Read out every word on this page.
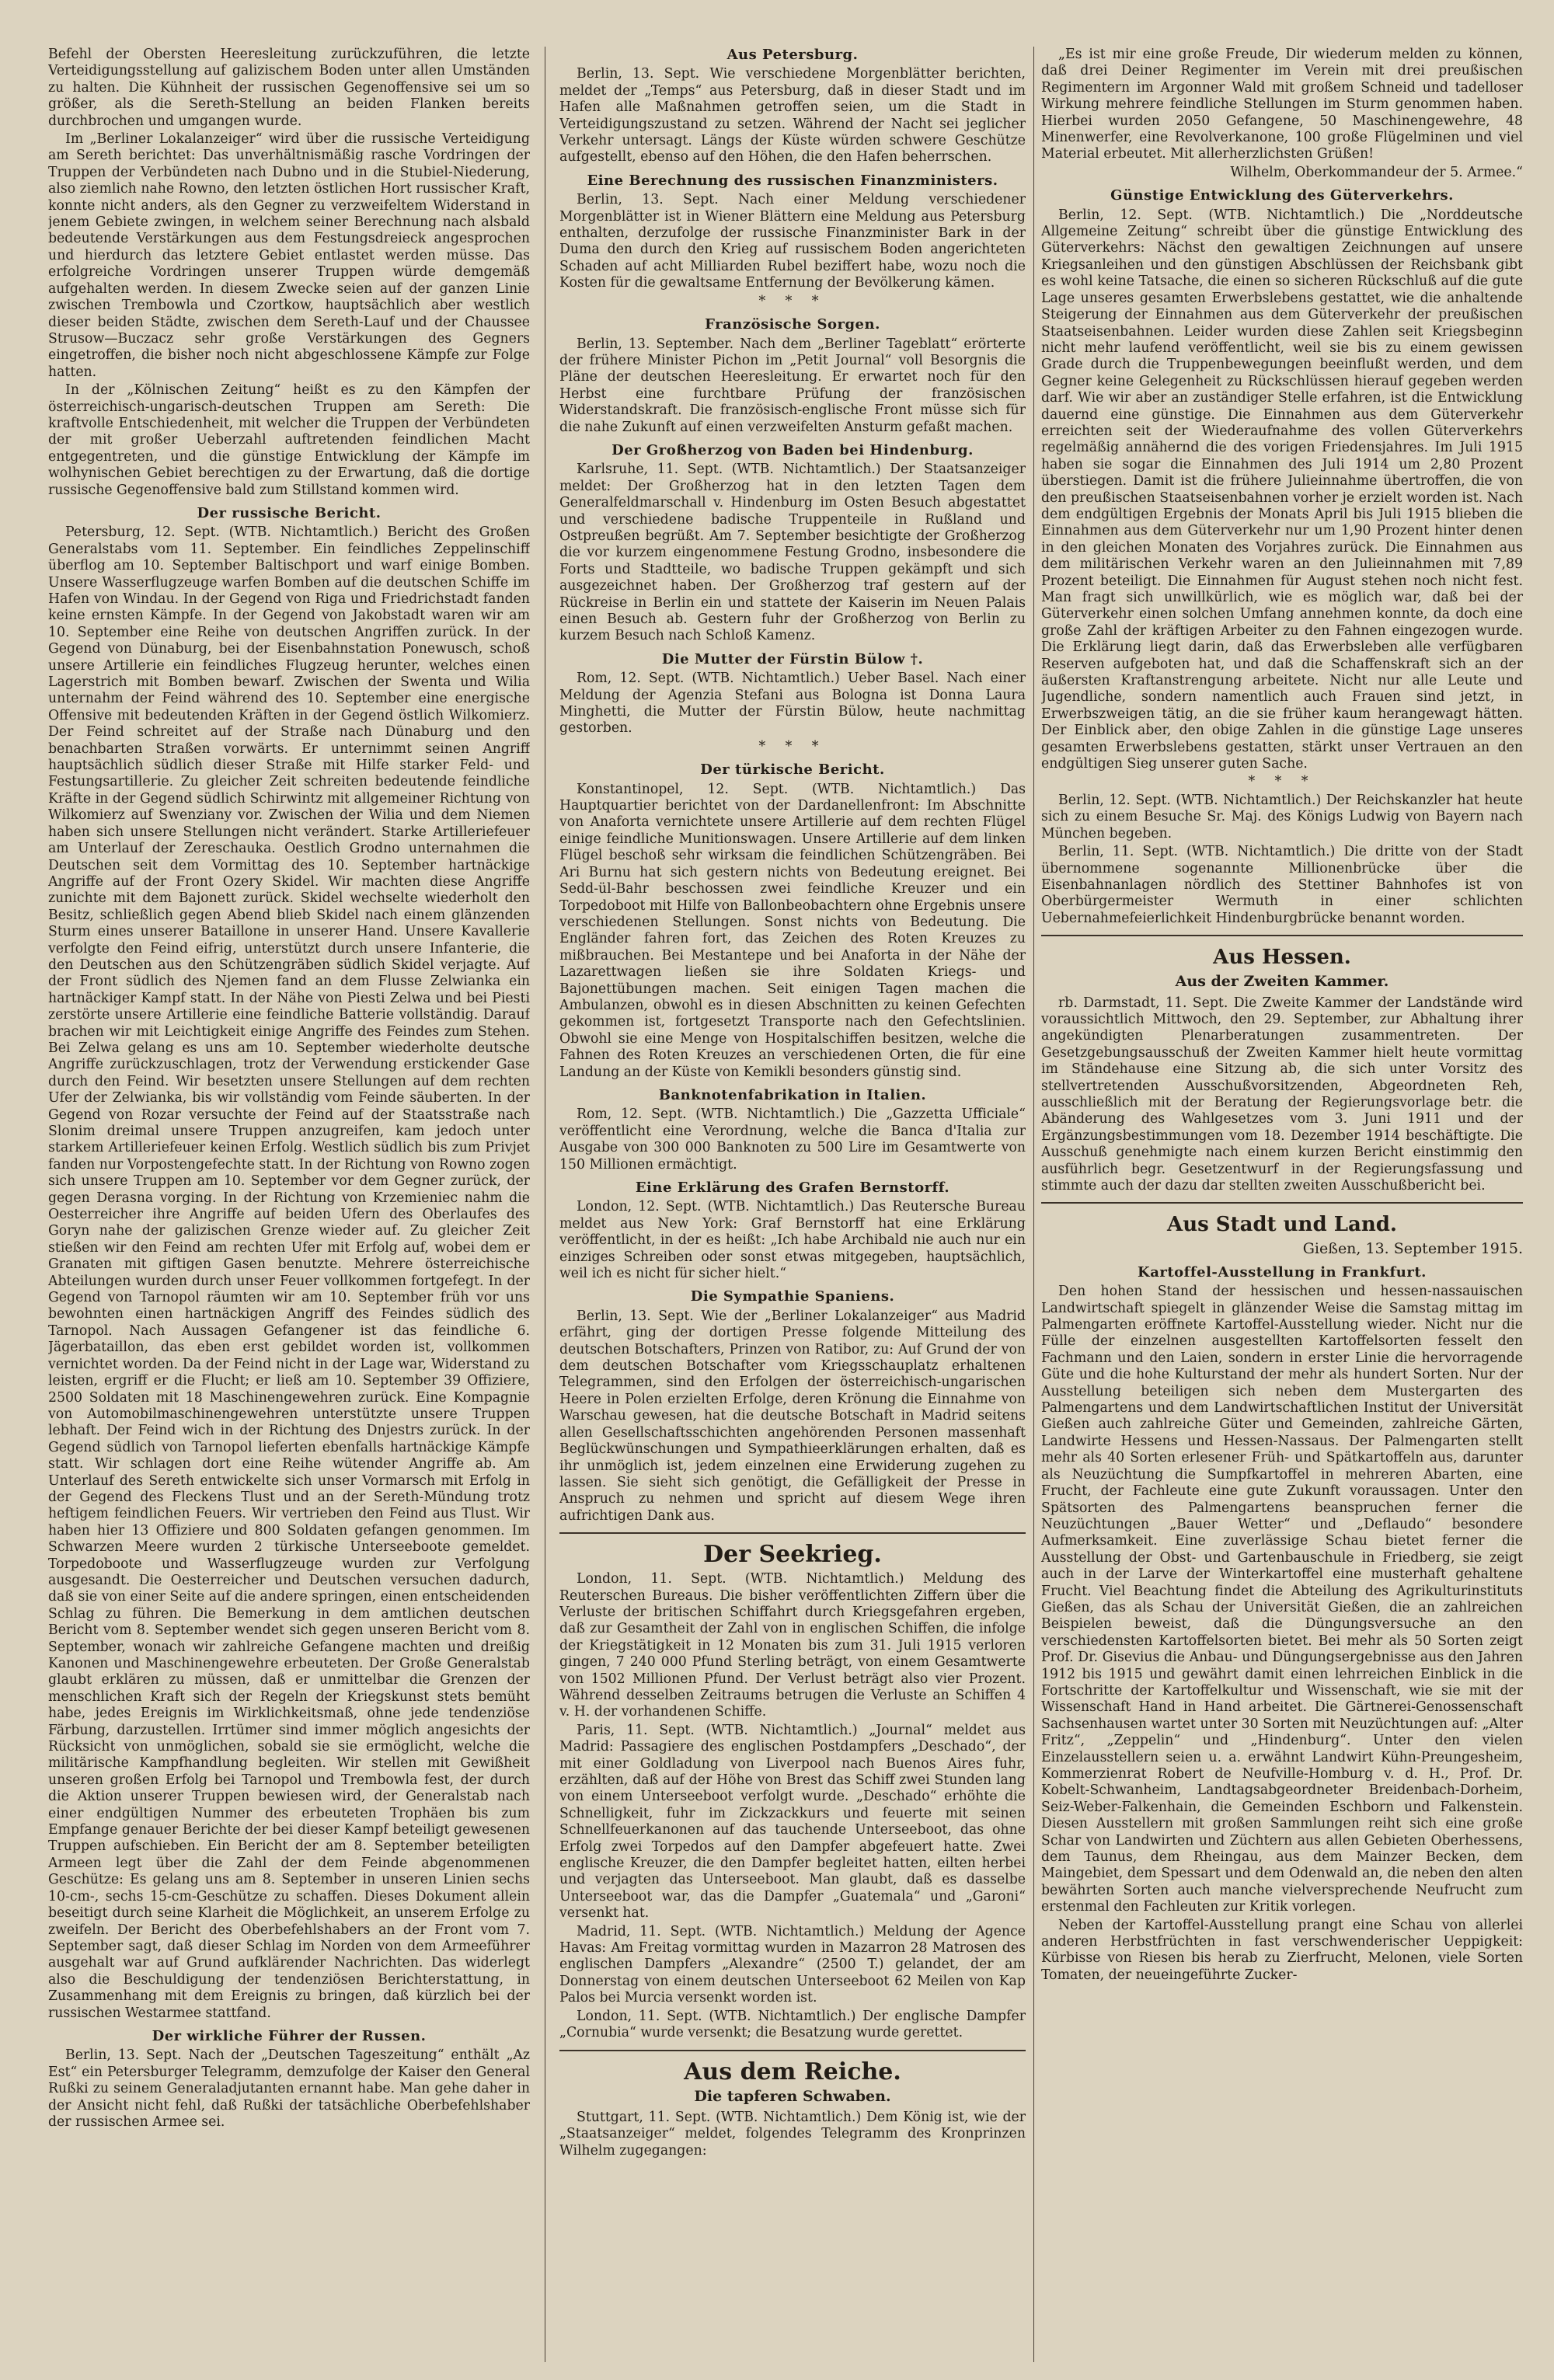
Befehl der Obersten Heeresleitung zurückzuführen, die letzte Verteidigungsstellung auf galizischem Boden unter allen Umständen zu halten. Die Kühnheit der russischen Gegenoffensive sei um so größer, als die Sereth-Stellung an beiden Flanken bereits durchbrochen und umgangen wurde.

Im „Berliner Lokalanzeiger“ wird über die russische Verteidigung am Sereth berichtet: Das unverhältnismäßig rasche Vordringen der Truppen der Verbündeten nach Dubno und in die Stubiel-Niederung, also ziemlich nahe Rowno, den letzten östlichen Hort russischer Kraft, konnte nicht anders, als den Gegner zu verzweifeltem Widerstand in jenem Gebiete zwingen, in welchem seiner Berechnung nach alsbald bedeutende Verstärkungen aus dem Festungsdreieck angesprochen und hierdurch das letztere Gebiet entlastet werden müsse. Das erfolgreiche Vordringen unserer Truppen würde demgemäß aufgehalten werden. In diesem Zwecke seien auf der ganzen Linie zwischen Trembowla und Czortkow, hauptsächlich aber westlich dieser beiden Städte, zwischen dem Sereth-Lauf und der Chaussee Strusow—Buczacz sehr große Verstärkungen des Gegners eingetroffen, die bisher noch nicht abgeschlossene Kämpfe zur Folge hatten.

In der „Kölnischen Zeitung“ heißt es zu den Kämpfen der österreichisch-ungarisch-deutschen Truppen am Sereth: Die kraftvolle Entschiedenheit, mit welcher die Truppen der Verbündeten der mit großer Ueberzahl auftretenden feindlichen Macht entgegentreten, und die günstige Entwicklung der Kämpfe im wolhynischen Gebiet berechtigen zu der Erwartung, daß die dortige russische Gegenoffensive bald zum Stillstand kommen wird.

Der russische Bericht.

Petersburg, 12. Sept. (WTB. Nichtamtlich.) Bericht des Großen Generalstabs vom 11. September. Ein feindliches Zeppelinschiff überflog am 10. September Baltischport und warf einige Bomben. Unsere Wasserflugzeuge warfen Bomben auf die deutschen Schiffe im Hafen von Windau. In der Gegend von Riga und Friedrichstadt fanden keine ernsten Kämpfe. In der Gegend von Jakobstadt waren wir am 10. September eine Reihe von deutschen Angriffen zurück. In der Gegend von Dünaburg, bei der Eisenbahnstation Ponewusch, schoß unsere Artillerie ein feindliches Flugzeug herunter, welches einen Lagerstrich mit Bomben bewarf. Zwischen der Swenta und Wilia unternahm der Feind während des 10. September eine energische Offensive mit bedeutenden Kräften in der Gegend östlich Wilkomierz. Der Feind schreitet auf der Straße nach Dünaburg und den benachbarten Straßen vorwärts. Er unternimmt seinen Angriff hauptsächlich südlich dieser Straße mit Hilfe starker Feld- und Festungsartillerie. Zu gleicher Zeit schreiten bedeutende feindliche Kräfte in der Gegend südlich Schirwintz mit allgemeiner Richtung von Wilkomierz auf Swenziany vor. Zwischen der Wilia und dem Niemen haben sich unsere Stellungen nicht verändert. Starke Artilleriefeuer am Unterlauf der Zereschauka. Oestlich Grodno unternahmen die Deutschen seit dem Vormittag des 10. September hartnäckige Angriffe auf der Front Ozery Skidel. Wir machten diese Angriffe zunichte mit dem Bajonett zurück. Skidel wechselte wiederholt den Besitz, schließlich gegen Abend blieb Skidel nach einem glänzenden Sturm eines unserer Bataillone in unserer Hand. Unsere Kavallerie verfolgte den Feind eifrig, unterstützt durch unsere Infanterie, die den Deutschen aus den Schützengräben südlich Skidel verjagte. Auf der Front südlich des Njemen fand an dem Flusse Zelwianka ein hartnäckiger Kampf statt. In der Nähe von Piesti Zelwa und bei Piesti zerstörte unsere Artillerie eine feindliche Batterie vollständig. Darauf brachen wir mit Leichtigkeit einige Angriffe des Feindes zum Stehen. Bei Zelwa gelang es uns am 10. September wiederholte deutsche Angriffe zurückzuschlagen, trotz der Verwendung erstickender Gase durch den Feind. Wir besetzten unsere Stellungen auf dem rechten Ufer der Zelwianka, bis wir vollständig vom Feinde säuberten. In der Gegend von Rozar versuchte der Feind auf der Staatsstraße nach Slonim dreimal unsere Truppen anzugreifen, kam jedoch unter starkem Artilleriefeuer keinen Erfolg. Westlich südlich bis zum Privjet fanden nur Vorpostengefechte statt. In der Richtung von Rowno zogen sich unsere Truppen am 10. September vor dem Gegner zurück, der gegen Derasna vorging. In der Richtung von Krzemieniec nahm die Oesterreicher ihre Angriffe auf beiden Ufern des Oberlaufes des Goryn nahe der galizischen Grenze wieder auf. Zu gleicher Zeit stießen wir den Feind am rechten Ufer mit Erfolg auf, wobei dem er Granaten mit giftigen Gasen benutzte. Mehrere österreichische Abteilungen wurden durch unser Feuer vollkommen fortgefegt. In der Gegend von Tarnopol räumten wir am 10. September früh vor uns bewohnten einen hartnäckigen Angriff des Feindes südlich des Tarnopol. Nach Aussagen Gefangener ist das feindliche 6. Jägerbataillon, das eben erst gebildet worden ist, vollkommen vernichtet worden. Da der Feind nicht in der Lage war, Widerstand zu leisten, ergriff er die Flucht; er ließ am 10. September 39 Offiziere, 2500 Soldaten mit 18 Maschinengewehren zurück. Eine Kompagnie von Automobilmaschinengewehren unterstützte unsere Truppen lebhaft. Der Feind wich in der Richtung des Dnjestrs zurück. In der Gegend südlich von Tarnopol lieferten ebenfalls hartnäckige Kämpfe statt. Wir schlagen dort eine Reihe wütender Angriffe ab. Am Unterlauf des Sereth entwickelte sich unser Vormarsch mit Erfolg in der Gegend des Fleckens Tlust und an der Sereth-Mündung trotz heftigem feindlichen Feuers. Wir vertrieben den Feind aus Tlust. Wir haben hier 13 Offiziere und 800 Soldaten gefangen genommen. Im Schwarzen Meere wurden 2 türkische Unterseeboote gemeldet. Torpedoboote und Wasserflugzeuge wurden zur Verfolgung ausgesandt. Die Oesterreicher und Deutschen versuchen dadurch, daß sie von einer Seite auf die andere springen, einen entscheidenden Schlag zu führen. Die Bemerkung in dem amtlichen deutschen Bericht vom 8. September wendet sich gegen unseren Bericht vom 8. September, wonach wir zahlreiche Gefangene machten und dreißig Kanonen und Maschinengewehre erbeuteten. Der Große Generalstab glaubt erklären zu müssen, daß er unmittelbar die Grenzen der menschlichen Kraft sich der Regeln der Kriegskunst stets bemüht habe, jedes Ereignis im Wirklichkeitsmaß, ohne jede tendenziöse Färbung, darzustellen. Irrtümer sind immer möglich angesichts der Rücksicht von unmöglichen, sobald sie sie ermöglicht, welche die militärische Kampfhandlung begleiten. Wir stellen mit Gewißheit unseren großen Erfolg bei Tarnopol und Trembowla fest, der durch die Aktion unserer Truppen bewiesen wird, der Generalstab nach einer endgültigen Nummer des erbeuteten Trophäen bis zum Empfange genauer Berichte der bei dieser Kampf beteiligt gewesenen Truppen aufschieben. Ein Bericht der am 8. September beteiligten Armeen legt über die Zahl der dem Feinde abgenommenen Geschütze: Es gelang uns am 8. September in unseren Linien sechs 10-cm-, sechs 15-cm-Geschütze zu schaffen. Dieses Dokument allein beseitigt durch seine Klarheit die Möglichkeit, an unserem Erfolge zu zweifeln. Der Bericht des Oberbefehlshabers an der Front vom 7. September sagt, daß dieser Schlag im Norden von dem Armeeführer ausgehalt war auf Grund aufklärender Nachrichten. Das widerlegt also die Beschuldigung der tendenziösen Berichterstattung, in Zusammenhang mit dem Ereignis zu bringen, daß kürzlich bei der russischen Westarmee stattfand.

Der wirkliche Führer der Russen.

Berlin, 13. Sept. Nach der „Deutschen Tageszeitung“ enthält „Az Est“ ein Petersburger Telegramm, demzufolge der Kaiser den General Rußki zu seinem Generaladjutanten ernannt habe. Man gehe daher in der Ansicht nicht fehl, daß Rußki der tatsächliche Oberbefehlshaber der russischen Armee sei.

Aus Petersburg.

Berlin, 13. Sept. Wie verschiedene Morgenblätter berichten, meldet der „Temps“ aus Petersburg, daß in dieser Stadt und im Hafen alle Maßnahmen getroffen seien, um die Stadt in Verteidigungszustand zu setzen. Während der Nacht sei jeglicher Verkehr untersagt. Längs der Küste würden schwere Geschütze aufgestellt, ebenso auf den Höhen, die den Hafen beherrschen.

Eine Berechnung des russischen Finanzministers.

Berlin, 13. Sept. Nach einer Meldung verschiedener Morgenblätter ist in Wiener Blättern eine Meldung aus Petersburg enthalten, derzufolge der russische Finanzminister Bark in der Duma den durch den Krieg auf russischem Boden angerichteten Schaden auf acht Milliarden Rubel beziffert habe, wozu noch die Kosten für die gewaltsame Entfernung der Bevölkerung kämen.

* * *
Französische Sorgen.

Berlin, 13. September. Nach dem „Berliner Tageblatt“ erörterte der frühere Minister Pichon im „Petit Journal“ voll Besorgnis die Pläne der deutschen Heeresleitung. Er erwartet noch für den Herbst eine furchtbare Prüfung der französischen Widerstandskraft. Die französisch-englische Front müsse sich für die nahe Zukunft auf einen verzweifelten Ansturm gefaßt machen.

Der Großherzog von Baden bei Hindenburg.

Karlsruhe, 11. Sept. (WTB. Nichtamtlich.) Der Staatsanzeiger meldet: Der Großherzog hat in den letzten Tagen dem Generalfeldmarschall v. Hindenburg im Osten Besuch abgestattet und verschiedene badische Truppenteile in Rußland und Ostpreußen begrüßt. Am 7. September besichtigte der Großherzog die vor kurzem eingenommene Festung Grodno, insbesondere die Forts und Stadtteile, wo badische Truppen gekämpft und sich ausgezeichnet haben. Der Großherzog traf gestern auf der Rückreise in Berlin ein und stattete der Kaiserin im Neuen Palais einen Besuch ab. Gestern fuhr der Großherzog von Berlin zu kurzem Besuch nach Schloß Kamenz.

Die Mutter der Fürstin Bülow †.

Rom, 12. Sept. (WTB. Nichtamtlich.) Ueber Basel. Nach einer Meldung der Agenzia Stefani aus Bologna ist Donna Laura Minghetti, die Mutter der Fürstin Bülow, heute nachmittag gestorben.

* * *
Der türkische Bericht.

Konstantinopel, 12. Sept. (WTB. Nichtamtlich.) Das Hauptquartier berichtet von der Dardanellenfront: Im Abschnitte von Anaforta vernichtete unsere Artillerie auf dem rechten Flügel einige feindliche Munitionswagen. Unsere Artillerie auf dem linken Flügel beschoß sehr wirksam die feindlichen Schützengräben. Bei Ari Burnu hat sich gestern nichts von Bedeutung ereignet. Bei Sedd-ül-Bahr beschossen zwei feindliche Kreuzer und ein Torpedoboot mit Hilfe von Ballonbeobachtern ohne Ergebnis unsere verschiedenen Stellungen. Sonst nichts von Bedeutung. Die Engländer fahren fort, das Zeichen des Roten Kreuzes zu mißbrauchen. Bei Mestantepe und bei Anaforta in der Nähe der Lazarettwagen ließen sie ihre Soldaten Kriegs- und Bajonettübungen machen. Seit einigen Tagen machen die Ambulanzen, obwohl es in diesen Abschnitten zu keinen Gefechten gekommen ist, fortgesetzt Transporte nach den Gefechtslinien. Obwohl sie eine Menge von Hospitalschiffen besitzen, welche die Fahnen des Roten Kreuzes an verschiedenen Orten, die für eine Landung an der Küste von Kemikli besonders günstig sind.

Banknotenfabrikation in Italien.

Rom, 12. Sept. (WTB. Nichtamtlich.) Die „Gazzetta Ufficiale“ veröffentlicht eine Verordnung, welche die Banca d'Italia zur Ausgabe von 300 000 Banknoten zu 500 Lire im Gesamtwerte von 150 Millionen ermächtigt.

Eine Erklärung des Grafen Bernstorff.

London, 12. Sept. (WTB. Nichtamtlich.) Das Reutersche Bureau meldet aus New York: Graf Bernstorff hat eine Erklärung veröffentlicht, in der es heißt: „Ich habe Archibald nie auch nur ein einziges Schreiben oder sonst etwas mitgegeben, hauptsächlich, weil ich es nicht für sicher hielt.“

Die Sympathie Spaniens.

Berlin, 13. Sept. Wie der „Berliner Lokalanzeiger“ aus Madrid erfährt, ging der dortigen Presse folgende Mitteilung des deutschen Botschafters, Prinzen von Ratibor, zu: Auf Grund der von dem deutschen Botschafter vom Kriegsschauplatz erhaltenen Telegrammen, sind den Erfolgen der österreichisch-ungarischen Heere in Polen erzielten Erfolge, deren Krönung die Einnahme von Warschau gewesen, hat die deutsche Botschaft in Madrid seitens allen Gesellschaftsschichten angehörenden Personen massenhaft Beglückwünschungen und Sympathieerklärungen erhalten, daß es ihr unmöglich ist, jedem einzelnen eine Erwiderung zugehen zu lassen. Sie sieht sich genötigt, die Gefälligkeit der Presse in Anspruch zu nehmen und spricht auf diesem Wege ihren aufrichtigen Dank aus.

Der Seekrieg.

London, 11. Sept. (WTB. Nichtamtlich.) Meldung des Reuterschen Bureaus. Die bisher veröffentlichten Ziffern über die Verluste der britischen Schiffahrt durch Kriegsgefahren ergeben, daß zur Gesamtheit der Zahl von in englischen Schiffen, die infolge der Kriegstätigkeit in 12 Monaten bis zum 31. Juli 1915 verloren gingen, 7 240 000 Pfund Sterling beträgt, von einem Gesamtwerte von 1502 Millionen Pfund. Der Verlust beträgt also vier Prozent. Während desselben Zeitraums betrugen die Verluste an Schiffen 4 v. H. der vorhandenen Schiffe.

Paris, 11. Sept. (WTB. Nichtamtlich.) „Journal“ meldet aus Madrid: Passagiere des englischen Postdampfers „Deschado“, der mit einer Goldladung von Liverpool nach Buenos Aires fuhr, erzählten, daß auf der Höhe von Brest das Schiff zwei Stunden lang von einem Unterseeboot verfolgt wurde. „Deschado“ erhöhte die Schnelligkeit, fuhr im Zickzackkurs und feuerte mit seinen Schnellfeuerkanonen auf das tauchende Unterseeboot, das ohne Erfolg zwei Torpedos auf den Dampfer abgefeuert hatte. Zwei englische Kreuzer, die den Dampfer begleitet hatten, eilten herbei und verjagten das Unterseeboot. Man glaubt, daß es dasselbe Unterseeboot war, das die Dampfer „Guatemala“ und „Garoni“ versenkt hat.

Madrid, 11. Sept. (WTB. Nichtamtlich.) Meldung der Agence Havas: Am Freitag vormittag wurden in Mazarron 28 Matrosen des englischen Dampfers „Alexandre“ (2500 T.) gelandet, der am Donnerstag von einem deutschen Unterseeboot 62 Meilen von Kap Palos bei Murcia versenkt worden ist.

London, 11. Sept. (WTB. Nichtamtlich.) Der englische Dampfer „Cornubia“ wurde versenkt; die Besatzung wurde gerettet.

Aus dem Reiche.
Die tapferen Schwaben.

Stuttgart, 11. Sept. (WTB. Nichtamtlich.) Dem König ist, wie der „Staatsanzeiger“ meldet, folgendes Telegramm des Kronprinzen Wilhelm zugegangen:

„Es ist mir eine große Freude, Dir wiederum melden zu können, daß drei Deiner Regimenter im Verein mit drei preußischen Regimentern im Argonner Wald mit großem Schneid und tadelloser Wirkung mehrere feindliche Stellungen im Sturm genommen haben. Hierbei wurden 2050 Gefangene, 50 Maschinengewehre, 48 Minenwerfer, eine Revolverkanone, 100 große Flügelminen und viel Material erbeutet. Mit allerherzlichsten Grüßen!

Wilhelm, Oberkommandeur der 5. Armee.“

Günstige Entwicklung des Güterverkehrs.

Berlin, 12. Sept. (WTB. Nichtamtlich.) Die „Norddeutsche Allgemeine Zeitung“ schreibt über die günstige Entwicklung des Güterverkehrs: Nächst den gewaltigen Zeichnungen auf unsere Kriegsanleihen und den günstigen Abschlüssen der Reichsbank gibt es wohl keine Tatsache, die einen so sicheren Rückschluß auf die gute Lage unseres gesamten Erwerbslebens gestattet, wie die anhaltende Steigerung der Einnahmen aus dem Güterverkehr der preußischen Staatseisenbahnen. Leider wurden diese Zahlen seit Kriegsbeginn nicht mehr laufend veröffentlicht, weil sie bis zu einem gewissen Grade durch die Truppenbewegungen beeinflußt werden, und dem Gegner keine Gelegenheit zu Rückschlüssen hierauf gegeben werden darf. Wie wir aber an zuständiger Stelle erfahren, ist die Entwicklung dauernd eine günstige. Die Einnahmen aus dem Güterverkehr erreichten seit der Wiederaufnahme des vollen Güterverkehrs regelmäßig annähernd die des vorigen Friedensjahres. Im Juli 1915 haben sie sogar die Einnahmen des Juli 1914 um 2,80 Prozent überstiegen. Damit ist die frühere Julieinnahme übertroffen, die von den preußischen Staatseisenbahnen vorher je erzielt worden ist. Nach dem endgültigen Ergebnis der Monats April bis Juli 1915 blieben die Einnahmen aus dem Güterverkehr nur um 1,90 Prozent hinter denen in den gleichen Monaten des Vorjahres zurück. Die Einnahmen aus dem militärischen Verkehr waren an den Julieinnahmen mit 7,89 Prozent beteiligt. Die Einnahmen für August stehen noch nicht fest. Man fragt sich unwillkürlich, wie es möglich war, daß bei der Güterverkehr einen solchen Umfang annehmen konnte, da doch eine große Zahl der kräftigen Arbeiter zu den Fahnen eingezogen wurde. Die Erklärung liegt darin, daß das Erwerbsleben alle verfügbaren Reserven aufgeboten hat, und daß die Schaffenskraft sich an der äußersten Kraftanstrengung arbeitete. Nicht nur alle Leute und Jugendliche, sondern namentlich auch Frauen sind jetzt, in Erwerbszweigen tätig, an die sie früher kaum herangewagt hätten. Der Einblick aber, den obige Zahlen in die günstige Lage unseres gesamten Erwerbslebens gestatten, stärkt unser Vertrauen an den endgültigen Sieg unserer guten Sache.

* * *

Berlin, 12. Sept. (WTB. Nichtamtlich.) Der Reichskanzler hat heute sich zu einem Besuche Sr. Maj. des Königs Ludwig von Bayern nach München begeben.

Berlin, 11. Sept. (WTB. Nichtamtlich.) Die dritte von der Stadt übernommene sogenannte Millionenbrücke über die Eisenbahnanlagen nördlich des Stettiner Bahnhofes ist von Oberbürgermeister Wermuth in einer schlichten Uebernahmefeierlichkeit Hindenburgbrücke benannt worden.

Aus Hessen.
Aus der Zweiten Kammer.

rb. Darmstadt, 11. Sept. Die Zweite Kammer der Landstände wird voraussichtlich Mittwoch, den 29. September, zur Abhaltung ihrer angekündigten Plenarberatungen zusammentreten. Der Gesetzgebungsausschuß der Zweiten Kammer hielt heute vormittag im Ständehause eine Sitzung ab, die sich unter Vorsitz des stellvertretenden Ausschußvorsitzenden, Abgeordneten Reh, ausschließlich mit der Beratung der Regierungsvorlage betr. die Abänderung des Wahlgesetzes vom 3. Juni 1911 und der Ergänzungsbestimmungen vom 18. Dezember 1914 beschäftigte. Die Ausschuß genehmigte nach einem kurzen Bericht einstimmig den ausführlich begr. Gesetzentwurf in der Regierungsfassung und stimmte auch der dazu dar stellten zweiten Ausschußbericht bei.

Aus Stadt und Land.
Gießen, 13. September 1915.
Kartoffel-Ausstellung in Frankfurt.

Den hohen Stand der hessischen und hessen-nassauischen Landwirtschaft spiegelt in glänzender Weise die Samstag mittag im Palmengarten eröffnete Kartoffel-Ausstellung wieder. Nicht nur die Fülle der einzelnen ausgestellten Kartoffelsorten fesselt den Fachmann und den Laien, sondern in erster Linie die hervorragende Güte und die hohe Kulturstand der mehr als hundert Sorten. Nur der Ausstellung beteiligen sich neben dem Mustergarten des Palmengartens und dem Landwirtschaftlichen Institut der Universität Gießen auch zahlreiche Güter und Gemeinden, zahlreiche Gärten, Landwirte Hessens und Hessen-Nassaus. Der Palmengarten stellt mehr als 40 Sorten erlesener Früh- und Spätkartoffeln aus, darunter als Neuzüchtung die Sumpfkartoffel in mehreren Abarten, eine Frucht, der Fachleute eine gute Zukunft voraussagen. Unter den Spätsorten des Palmengartens beanspruchen ferner die Neuzüchtungen „Bauer Wetter“ und „Deflaudo“ besondere Aufmerksamkeit. Eine zuverlässige Schau bietet ferner die Ausstellung der Obst- und Gartenbauschule in Friedberg, sie zeigt auch in der Larve der Winterkartoffel eine musterhaft gehaltene Frucht. Viel Beachtung findet die Abteilung des Agrikulturinstituts Gießen, das als Schau der Universität Gießen, die an zahlreichen Beispielen beweist, daß die Düngungsversuche an den verschiedensten Kartoffelsorten bietet. Bei mehr als 50 Sorten zeigt Prof. Dr. Gisevius die Anbau- und Düngungsergebnisse aus den Jahren 1912 bis 1915 und gewährt damit einen lehrreichen Einblick in die Fortschritte der Kartoffelkultur und Wissenschaft, wie sie mit der Wissenschaft Hand in Hand arbeitet. Die Gärtnerei-Genossenschaft Sachsenhausen wartet unter 30 Sorten mit Neuzüchtungen auf: „Alter Fritz“, „Zeppelin“ und „Hindenburg“. Unter den vielen Einzelausstellern seien u. a. erwähnt Landwirt Kühn-Preungesheim, Kommerzienrat Robert de Neufville-Homburg v. d. H., Prof. Dr. Kobelt-Schwanheim, Landtagsabgeordneter Breidenbach-Dorheim, Seiz-Weber-Falkenhain, die Gemeinden Eschborn und Falkenstein. Diesen Ausstellern mit großen Sammlungen reiht sich eine große Schar von Landwirten und Züchtern aus allen Gebieten Oberhessens, dem Taunus, dem Rheingau, aus dem Mainzer Becken, dem Maingebiet, dem Spessart und dem Odenwald an, die neben den alten bewährten Sorten auch manche vielversprechende Neufrucht zum erstenmal den Fachleuten zur Kritik vorlegen.

Neben der Kartoffel-Ausstellung prangt eine Schau von allerlei anderen Herbstfrüchten in fast verschwenderischer Ueppigkeit: Kürbisse von Riesen bis herab zu Zierfrucht, Melonen, viele Sorten Tomaten, der neueingeführte Zucker-
